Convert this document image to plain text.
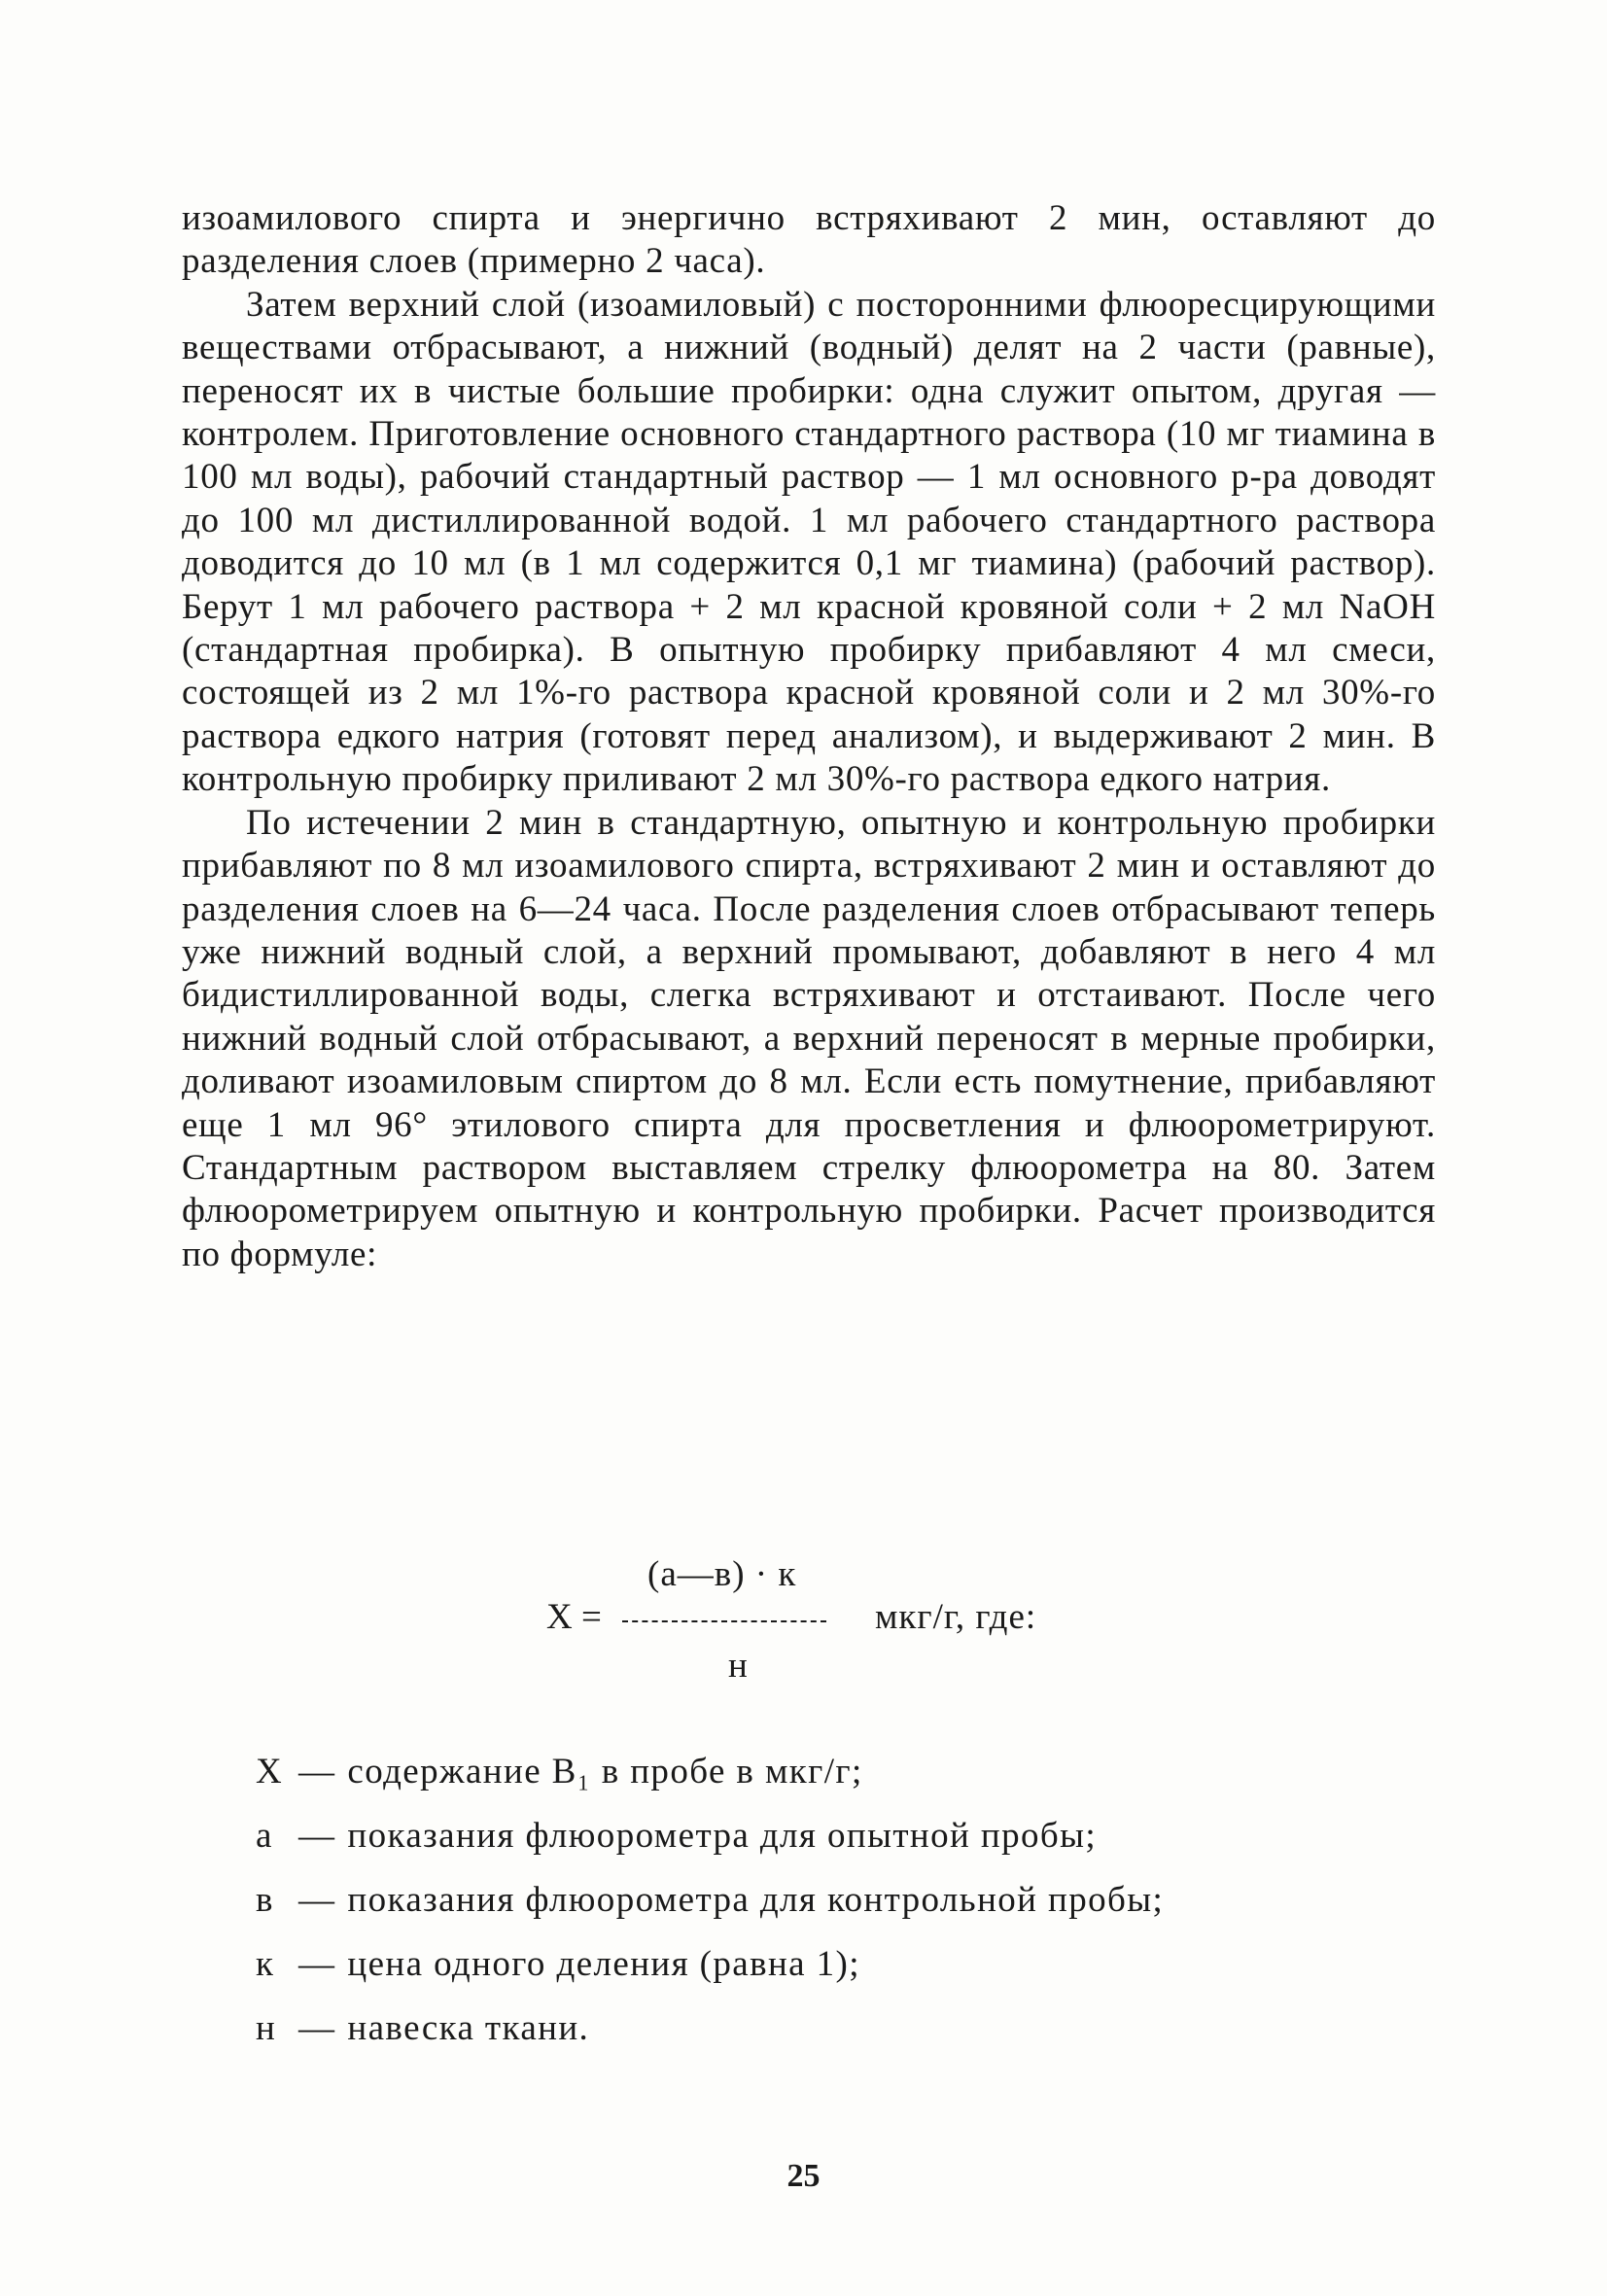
изоамилового спирта и энергично встряхивают 2 мин, оставляют до разделения слоев (примерно 2 часа).

Затем верхний слой (изоамиловый) с посторонними флюоресцирующими веществами отбрасывают, а нижний (водный) делят на 2 части (равные), переносят их в чистые большие пробирки: одна служит опытом, другая — контролем. Приготовление основного стандартного раствора (10 мг тиамина в 100 мл воды), рабочий стандартный раствор — 1 мл основного р-ра доводят до 100 мл дистиллированной водой. 1 мл рабочего стандартного раствора доводится до 10 мл (в 1 мл содержится 0,1 мг тиамина) (рабочий раствор). Берут 1 мл рабочего раствора + 2 мл красной кровяной соли + 2 мл NaOH (стандартная пробирка). В опытную пробирку прибавляют 4 мл смеси, состоящей из 2 мл 1%-го раствора красной кровяной соли и 2 мл 30%-го раствора едкого натрия (готовят перед анализом), и выдерживают 2 мин. В контрольную пробирку приливают 2 мл 30%-го раствора едкого натрия.

По истечении 2 мин в стандартную, опытную и контрольную пробирки прибавляют по 8 мл изоамилового спирта, встряхивают 2 мин и оставляют до разделения слоев на 6—24 часа. После разделения слоев отбрасывают теперь уже нижний водный слой, а верхний промывают, добавляют в него 4 мл бидистиллированной воды, слегка встряхивают и отстаивают. После чего нижний водный слой отбрасывают, а верхний переносят в мерные пробирки, доливают изоамиловым спиртом до 8 мл. Если есть помутнение, прибавляют еще 1 мл 96° этилового спирта для просветления и флюорометрируют. Стандартным раствором выставляем стрелку флюорометра на 80. Затем флюорометрируем опытную и контрольную пробирки. Расчет производится по формуле:

(а—в) · к
X =	мкг/г, где:
н
X — содержание B₁ в пробе в мкг/г;
а — показания флюорометра для опытной пробы;
в — показания флюорометра для контрольной пробы;
к — цена одного деления (равна 1);
н — навеска ткани.
25
